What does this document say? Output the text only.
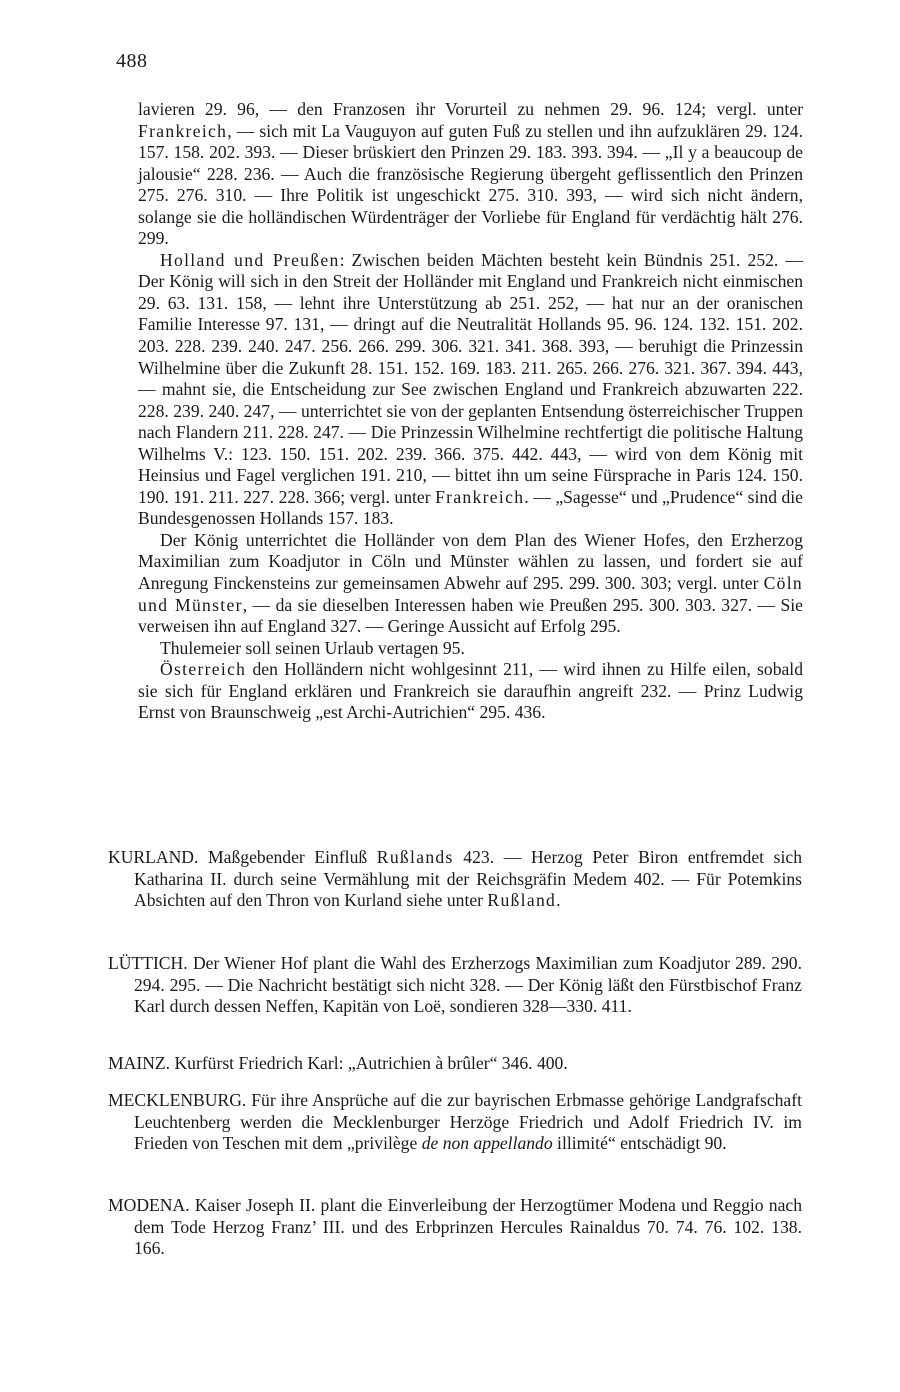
488

lavieren 29. 96, — den Franzosen ihr Vorurteil zu nehmen 29. 96. 124; vergl. unter Frankreich, — sich mit La Vauguyon auf guten Fuß zu stellen und ihn aufzuklären 29. 124. 157. 158. 202. 393. — Dieser brüskiert den Prinzen 29. 183. 393. 394. — „Il y a beaucoup de jalousie“ 228. 236. — Auch die französische Regierung übergeht geflissentlich den Prinzen 275. 276. 310. — Ihre Politik ist ungeschickt 275. 310. 393, — wird sich nicht ändern, solange sie die holländischen Würdenträger der Vorliebe für England für verdächtig hält 276. 299.

Holland und Preußen: Zwischen beiden Mächten besteht kein Bündnis 251. 252. — Der König will sich in den Streit der Holländer mit England und Frankreich nicht einmischen 29. 63. 131. 158, — lehnt ihre Unterstützung ab 251. 252, — hat nur an der oranischen Familie Interesse 97. 131, — dringt auf die Neutralität Hollands 95. 96. 124. 132. 151. 202. 203. 228. 239. 240. 247. 256. 266. 299. 306. 321. 341. 368. 393, — beruhigt die Prinzessin Wilhelmine über die Zukunft 28. 151. 152. 169. 183. 211. 265. 266. 276. 321. 367. 394. 443, — mahnt sie, die Entscheidung zur See zwischen England und Frankreich abzuwarten 222. 228. 239. 240. 247, — unterrichtet sie von der geplanten Entsendung österreichischer Truppen nach Flandern 211. 228. 247. — Die Prinzessin Wilhelmine rechtfertigt die politische Haltung Wilhelms V.: 123. 150. 151. 202. 239. 366. 375. 442. 443, — wird von dem König mit Heinsius und Fagel verglichen 191. 210, — bittet ihn um seine Fürsprache in Paris 124. 150. 190. 191. 211. 227. 228. 366; vergl. unter Frankreich. — „Sagesse“ und „Prudence“ sind die Bundesgenossen Hollands 157. 183.

Der König unterrichtet die Holländer von dem Plan des Wiener Hofes, den Erzherzog Maximilian zum Koadjutor in Cöln und Münster wählen zu lassen, und fordert sie auf Anregung Finckensteins zur gemeinsamen Abwehr auf 295. 299. 300. 303; vergl. unter Cöln und Münster, — da sie dieselben Interessen haben wie Preußen 295. 300. 303. 327. — Sie verweisen ihn auf England 327. — Geringe Aussicht auf Erfolg 295.

Thulemeier soll seinen Urlaub vertagen 95.

Österreich den Holländern nicht wohlgesinnt 211, — wird ihnen zu Hilfe eilen, sobald sie sich für England erklären und Frankreich sie daraufhin angreift 232. — Prinz Ludwig Ernst von Braunschweig „est Archi-Autrichien“ 295. 436.

KURLAND. Maßgebender Einfluß Rußlands 423. — Herzog Peter Biron entfremdet sich Katharina II. durch seine Vermählung mit der Reichsgräfin Medem 402. — Für Potemkins Absichten auf den Thron von Kurland siehe unter Rußland.
LÜTTICH. Der Wiener Hof plant die Wahl des Erzherzogs Maximilian zum Koadjutor 289. 290. 294. 295. — Die Nachricht bestätigt sich nicht 328. — Der König läßt den Fürstbischof Franz Karl durch dessen Neffen, Kapitän von Loë, sondieren 328—330. 411.
MAINZ. Kurfürst Friedrich Karl: „Autrichien à brûler“ 346. 400.
MECKLENBURG. Für ihre Ansprüche auf die zur bayrischen Erbmasse gehörige Landgrafschaft Leuchtenberg werden die Mecklenburger Herzöge Friedrich und Adolf Friedrich IV. im Frieden von Teschen mit dem „privilège de non appellando illimité“ entschädigt 90.
MODENA. Kaiser Joseph II. plant die Einverleibung der Herzogtümer Modena und Reggio nach dem Tode Herzog Franz’ III. und des Erbprinzen Hercules Rainaldus 70. 74. 76. 102. 138. 166.
